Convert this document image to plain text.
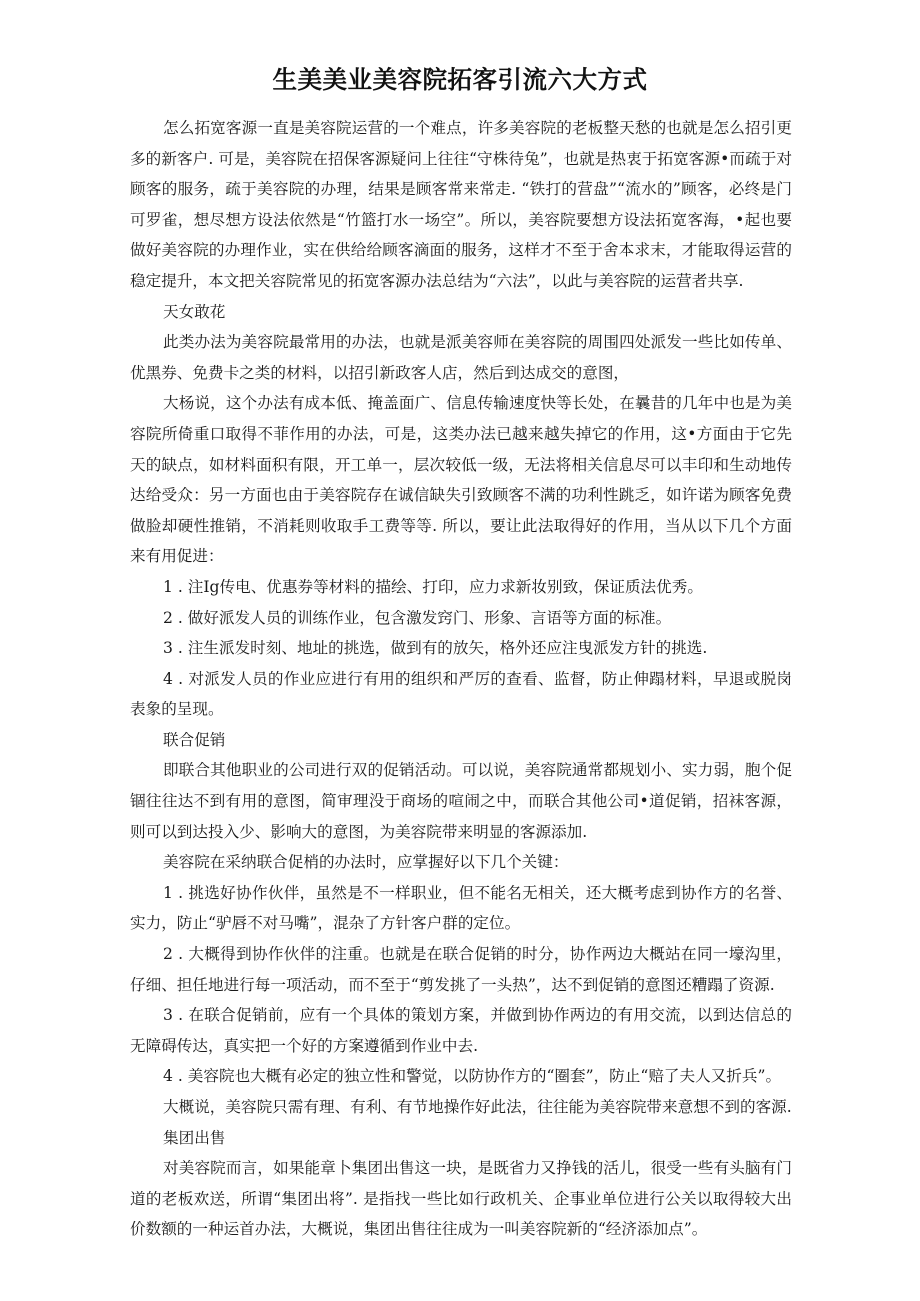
生美美业美容院拓客引流六大方式

怎么拓宽客源一直是美容院运营的一个难点，许多美容院的老板整天愁的也就是怎么招引更多的新客户. 可是，美容院在招保客源疑问上往往“守株待兔”，也就是热衷于拓宽客源•而疏于对顾客的服务，疏于美容院的办理，结果是顾客常来常走. “铁打的营盘”“流水的”顾客，必终是门可罗雀，想尽想方设法依然是“竹篮打水一场空”。所以，美容院要想方设法拓宽客海，•起也要做好美容院的办理作业，实在供给给顾客滴面的服务，这样才不至于舍本求末，才能取得运营的稳定提升，本文把关容院常见的拓宽客源办法总结为“六法”，以此与美容院的运营者共享.

天女敢花

此类办法为美容院最常用的办法，也就是派美容师在美容院的周围四处派发一些比如传单、优黑券、免费卡之类的材料，以招引新政客人店，然后到达成交的意图，

大杨说，这个办法有成本低、掩盖面广、信息传输速度快等长处，在曩昔的几年中也是为美容院所倚重口取得不菲作用的办法，可是，这类办法已越来越失掉它的作用，这•方面由于它先天的缺点，如材料面积有限，开工单一，层次较低一级，无法将相关信息尽可以丰印和生动地传达给受众：另一方面也由于美容院存在诚信缺失引致顾客不满的功利性跳乏，如许诺为顾客免费做脸却硬性推销，不消耗则收取手工费等等. 所以，要让此法取得好的作用，当从以下几个方面来有用促进：

1 . 注Ig传电、优惠券等材料的描绘、打印，应力求新妆别致，保证质法优秀。

2 . 做好派发人员的训练作业，包含激发窍门、形象、言语等方面的标准。

3 . 注生派发时刻、地址的挑选，做到有的放矢，格外还应注曳派发方针的挑选.

4 . 对派发人员的作业应进行有用的组织和严厉的查看、监督，防止伸蹋材料，早退或脱岗表象的呈现。

联合促销

即联合其他职业的公司进行双的促销活动。可以说，美容院通常都规划小、实力弱，胞个促锢往往达不到有用的意图，简审理没于商场的喧闹之中，而联合其他公司•道促销，招袜客源，则可以到达投入少、影响大的意图，为美容院带来明显的客源添加.

美容院在采纳联合促梢的办法时，应掌握好以下几个关键：

1 . 挑选好协作伙伴，虽然是不一样职业，但不能名无相关，还大概考虑到协作方的名誉、实力，防止“驴唇不对马嘴”，混杂了方针客户群的定位。

2 . 大概得到协作伙伴的注重。也就是在联合促销的时分，协作两边大概站在同一壕沟里，仔细、担任地进行每一项活动，而不至于“剪发挑了一头热”，达不到促销的意图还糟蹋了资源.

3 . 在联合促销前，应有一个具体的策划方案，并做到协作两边的有用交流，以到达信总的无障碍传达，真实把一个好的方案遵循到作业中去.

4 . 美容院也大概有必定的独立性和警觉，以防协作方的“圈套”，防止“赔了夫人又折兵”。

大概说，美容院只需有理、有利、有节地操作好此法，往往能为美容院带来意想不到的客源.

集团出售

对美容院而言，如果能章卜集团出售这一块，是既省力又挣钱的活儿，很受一些有头脑有门道的老板欢送，所谓“集团出将”. 是指找一些比如行政机关、企事业单位进行公关以取得较大出价数额的一种运首办法，大概说，集团出售往往成为一叫美容院新的“经济添加点”。
